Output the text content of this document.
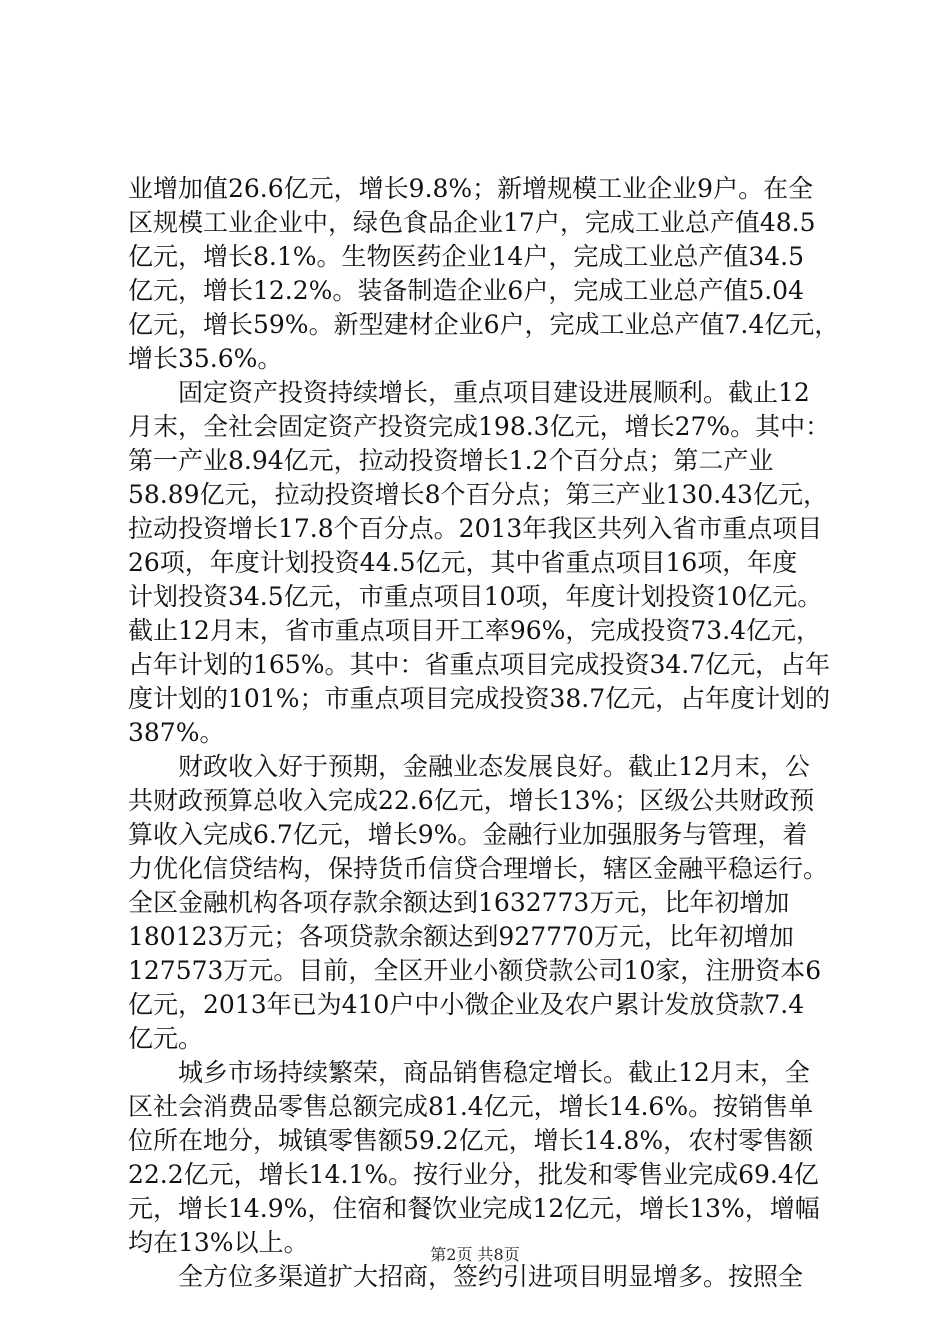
业增加值26.6亿元，增长9.8%；新增规模工业企业9户。在全
区规模工业企业中，绿色食品企业17户，完成工业总产值48.5
亿元，增长8.1%。生物医药企业14户，完成工业总产值34.5
亿元，增长12.2%。装备制造企业6户，完成工业总产值5.04
亿元，增长59%。新型建材企业6户，完成工业总产值7.4亿元，
增长35.6%。
固定资产投资持续增长，重点项目建设进展顺利。截止12
月末，全社会固定资产投资完成198.3亿元，增长27%。其中：
第一产业8.94亿元，拉动投资增长1.2个百分点；第二产业
58.89亿元，拉动投资增长8个百分点；第三产业130.43亿元，
拉动投资增长17.8个百分点。2013年我区共列入省市重点项目
26项，年度计划投资44.5亿元，其中省重点项目16项，年度
计划投资34.5亿元，市重点项目10项，年度计划投资10亿元。
截止12月末，省市重点项目开工率96%，完成投资73.4亿元，
占年计划的165%。其中：省重点项目完成投资34.7亿元，占年
度计划的101%；市重点项目完成投资38.7亿元，占年度计划的
387%。
财政收入好于预期，金融业态发展良好。截止12月末，公
共财政预算总收入完成22.6亿元，增长13%；区级公共财政预
算收入完成6.7亿元，增长9%。金融行业加强服务与管理，着
力优化信贷结构，保持货币信贷合理增长，辖区金融平稳运行。
全区金融机构各项存款余额达到1632773万元，比年初增加
180123万元；各项贷款余额达到927770万元，比年初增加
127573万元。目前，全区开业小额贷款公司10家，注册资本6
亿元，2013年已为410户中小微企业及农户累计发放贷款7.4
亿元。
城乡市场持续繁荣，商品销售稳定增长。截止12月末，全
区社会消费品零售总额完成81.4亿元，增长14.6%。按销售单
位所在地分，城镇零售额59.2亿元，增长14.8%，农村零售额
22.2亿元，增长14.1%。按行业分，批发和零售业完成69.4亿
元，增长14.9%，住宿和餐饮业完成12亿元，增长13%，增幅
均在13%以上。
全方位多渠道扩大招商，签约引进项目明显增多。按照全
第2页 共8页
